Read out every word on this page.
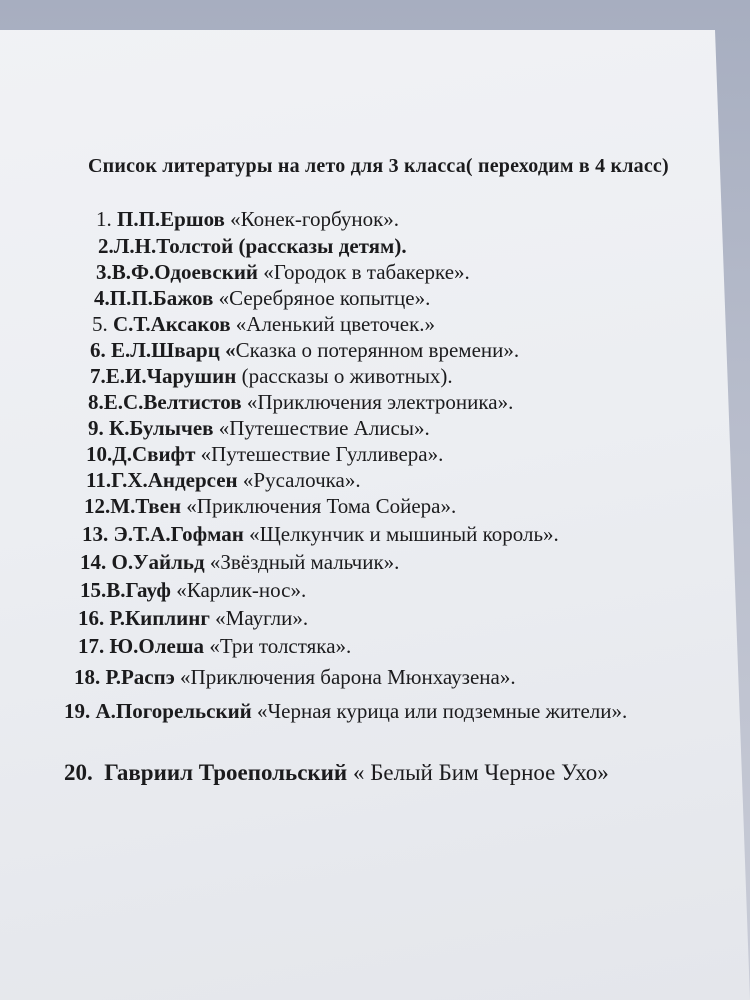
Список литературы на лето для 3 класса( переходим в 4 класс)
1. П.П.Ершов «Конек-горбунок».
2.Л.Н.Толстой (рассказы детям).
3.В.Ф.Одоевский «Городок в табакерке».
4.П.П.Бажов «Серебряное копытце».
5. С.Т.Аксаков «Аленький цветочек.»
6. Е.Л.Шварц «Сказка о потерянном времени».
7.Е.И.Чарушин (рассказы о животных).
8.Е.С.Велтистов «Приключения электроника».
9. К.Булычев «Путешествие Алисы».
10.Д.Свифт «Путешествие Гулливера».
11.Г.Х.Андерсен «Русалочка».
12.М.Твен «Приключения Тома Сойера».
13. Э.Т.А.Гофман «Щелкунчик и мышиный король».
14. О.Уайльд «Звёздный мальчик».
15.В.Гауф «Карлик-нос».
16. Р.Киплинг «Маугли».
17. Ю.Олеша «Три толстяка».
18. Р.Распэ «Приключения барона Мюнхаузена».
19. А.Погорельский «Черная курица или подземные жители».
20. Гавриил Троепольский « Белый Бим Черное Ухо»
